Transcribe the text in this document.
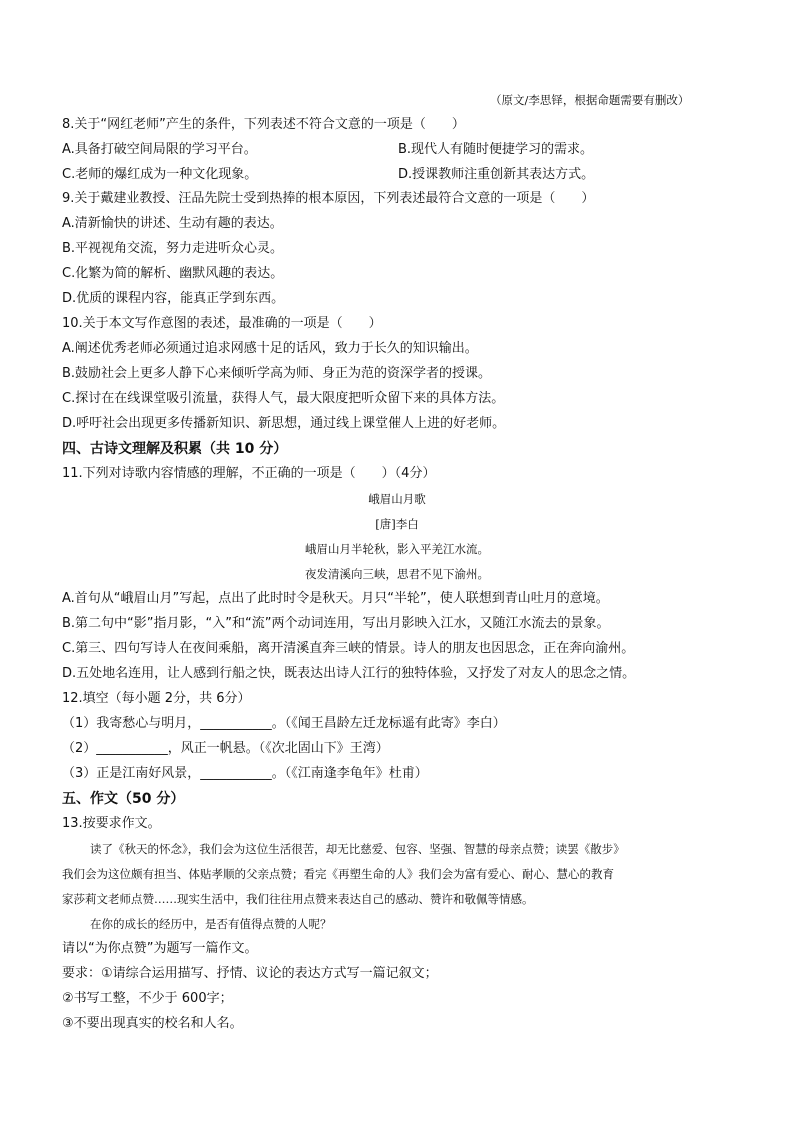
（原文/李思铎，根据命题需要有删改）
8.关于“网红老师”产生的条件，下列表述不符合文意的一项是（　　）
A.具备打破空间局限的学习平台。	B.现代人有随时便捷学习的需求。
C.老师的爆红成为一种文化现象。	D.授课教师注重创新其表达方式。
9.关于戴建业教授、汪品先院士受到热捧的根本原因，下列表述最符合文意的一项是（　　）
A.清新愉快的讲述、生动有趣的表达。
B.平视视角交流，努力走进听众心灵。
C.化繁为简的解析、幽默风趣的表达。
D.优质的课程内容，能真正学到东西。
10.关于本文写作意图的表述，最准确的一项是（　　）
A.阐述优秀老师必须通过追求网感十足的话风，致力于长久的知识输出。
B.鼓励社会上更多人静下心来倾听学高为师、身正为范的资深学者的授课。
C.探讨在在线课堂吸引流量，获得人气，最大限度把听众留下来的具体方法。
D.呼吁社会出现更多传播新知识、新思想，通过线上课堂催人上进的好老师。
四、古诗文理解及积累（共 10 分）
11.下列对诗歌内容情感的理解，不正确的一项是（　　）（4分）
峨眉山月歌
[唐]李白
峨眉山月半轮秋，影入平羌江水流。
夜发清溪向三峡，思君不见下渝州。
A.首句从“峨眉山月”写起，点出了此时时令是秋天。月只“半轮”，使人联想到青山吐月的意境。
B.第二句中“影”指月影，“入”和“流”两个动词连用，写出月影映入江水，又随江水流去的景象。
C.第三、四句写诗人在夜间乘船，离开清溪直奔三峡的情景。诗人的朋友也因思念，正在奔向渝州。
D.五处地名连用，让人感到行船之快，既表达出诗人江行的独特体验，又抒发了对友人的思念之情。
12.填空（每小题 2分，共 6分）
（1）我寄愁心与明月，___________。（《闻王昌龄左迁龙标遥有此寄》李白）
（2）___________，风正一帆悬。（《次北固山下》王湾）
（3）正是江南好风景，___________。（《江南逢李龟年》杜甫）
五、作文（50 分）
13.按要求作文。
读了《秋天的怀念》，我们会为这位生活很苦，却无比慈爱、包容、坚强、智慧的母亲点赞；读罢《散步》
我们会为这位颇有担当、体贴孝顺的父亲点赞；看完《再塑生命的人》我们会为富有爱心、耐心、慧心的教育
家莎莉文老师点赞……现实生活中，我们往往用点赞来表达自己的感动、赞许和敬佩等情感。
在你的成长的经历中，是否有值得点赞的人呢？
请以“为你点赞”为题写一篇作文。
要求：①请综合运用描写、抒情、议论的表达方式写一篇记叙文；
②书写工整，不少于 600字；
③不要出现真实的校名和人名。
